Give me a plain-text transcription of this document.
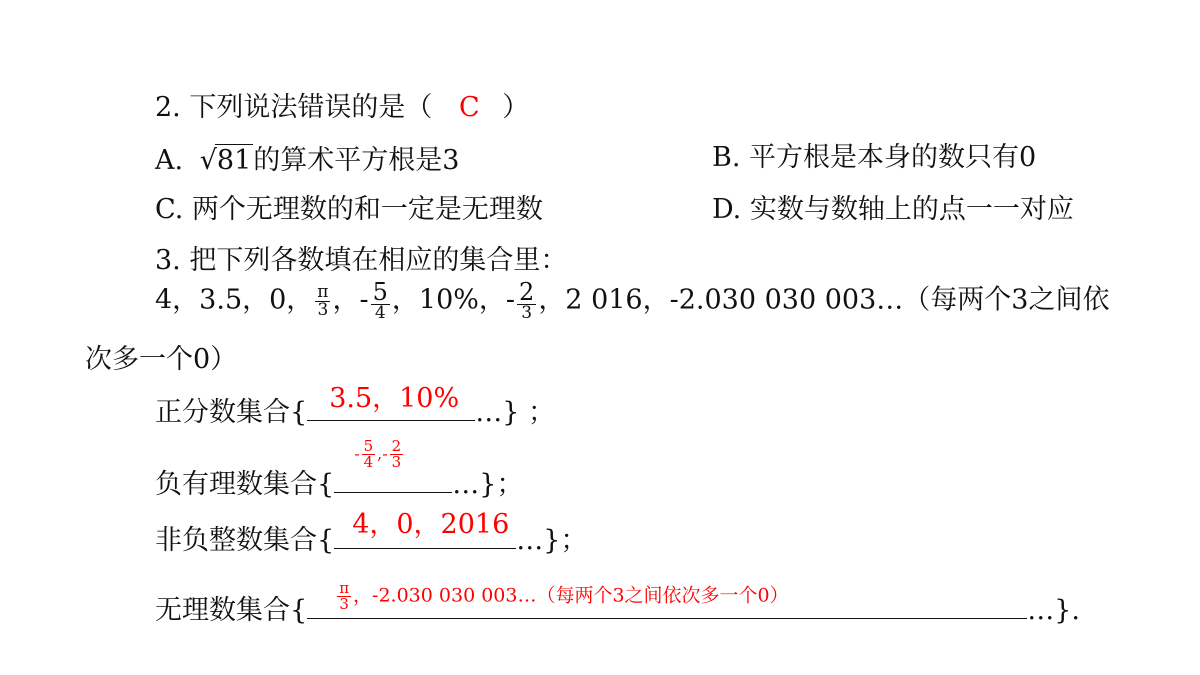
2. 下列说法错误的是（ C ）
A. √81的算术平方根是3	B. 平方根是本身的数只有0
C. 两个无理数的和一定是无理数	D. 实数与数轴上的点一一对应
3. 把下列各数填在相应的集合里：
4，3.5，0， $\frac{\pi}{3}$ ，- $\frac{5}{4}$ ，10%，- $\frac{2}{3}$ ，2 016，-2.030 030 003…（每两个3之间依
次多一个0）
正分数集合{ 3.5，10% …} ；
负有理数集合{
- $\frac{5}{4}$ ,- $\frac{2}{3}$
…}；
非负整数集合{
4，0，2016
…}；
无理数集合{ $\frac{\pi}{3}$ ，-2.030 030 003…（每两个3之间依次多一个0）	…}.
